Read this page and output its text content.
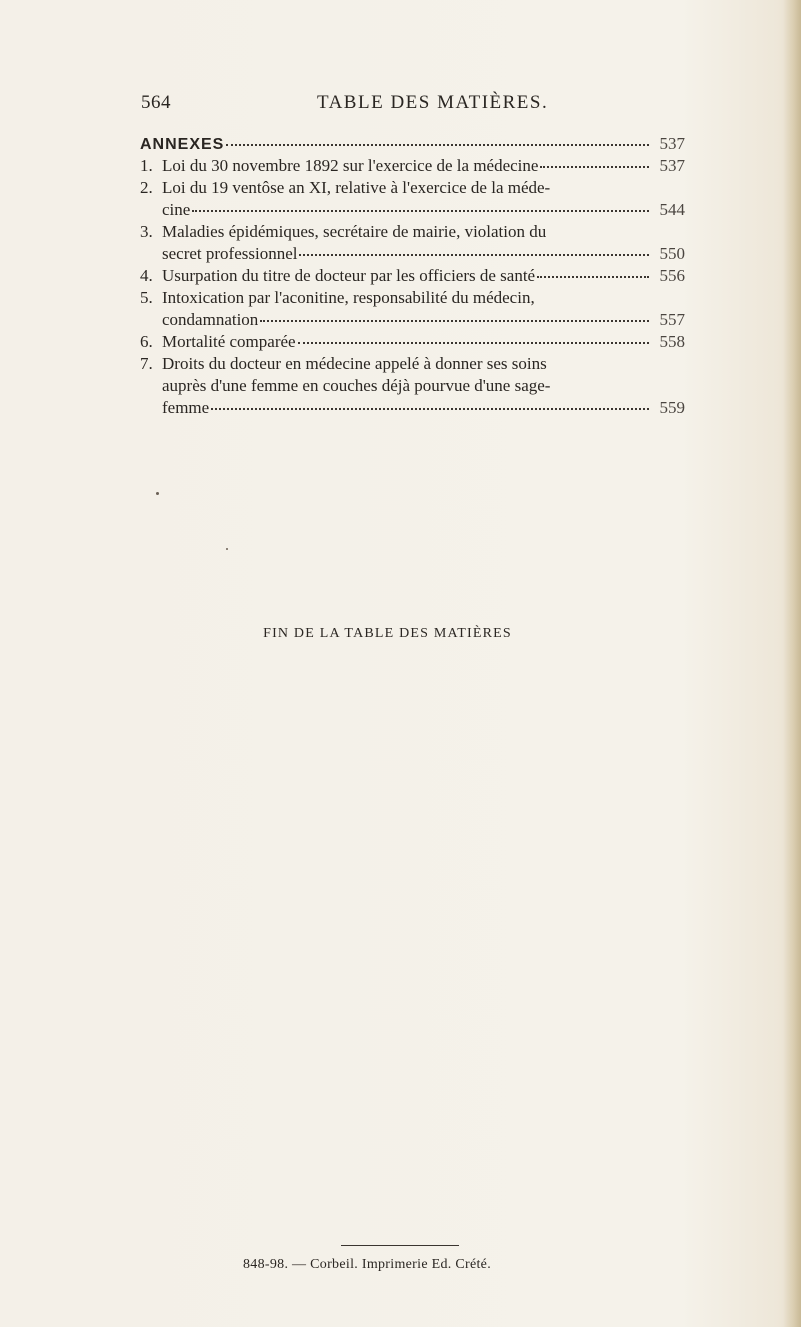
564	TABLE DES MATIÈRES.
ANNEXES	537
1. Loi du 30 novembre 1892 sur l'exercice de la médecine	537
2. Loi du 19 ventôse an XI, relative à l'exercice de la méde-
cine	544
3. Maladies épidémiques, secrétaire de mairie, violation du
secret professionnel	550
4. Usurpation du titre de docteur par les officiers de santé	556
5. Intoxication par l'aconitine, responsabilité du médecin,
condamnation	557
6. Mortalité comparée	558
7. Droits du docteur en médecine appelé à donner ses soins
auprès d'une femme en couches déjà pourvue d'une sage-
femme	559
FIN DE LA TABLE DES MATIÈRES
848-98. — Corbeil. Imprimerie Ed. Crété.
